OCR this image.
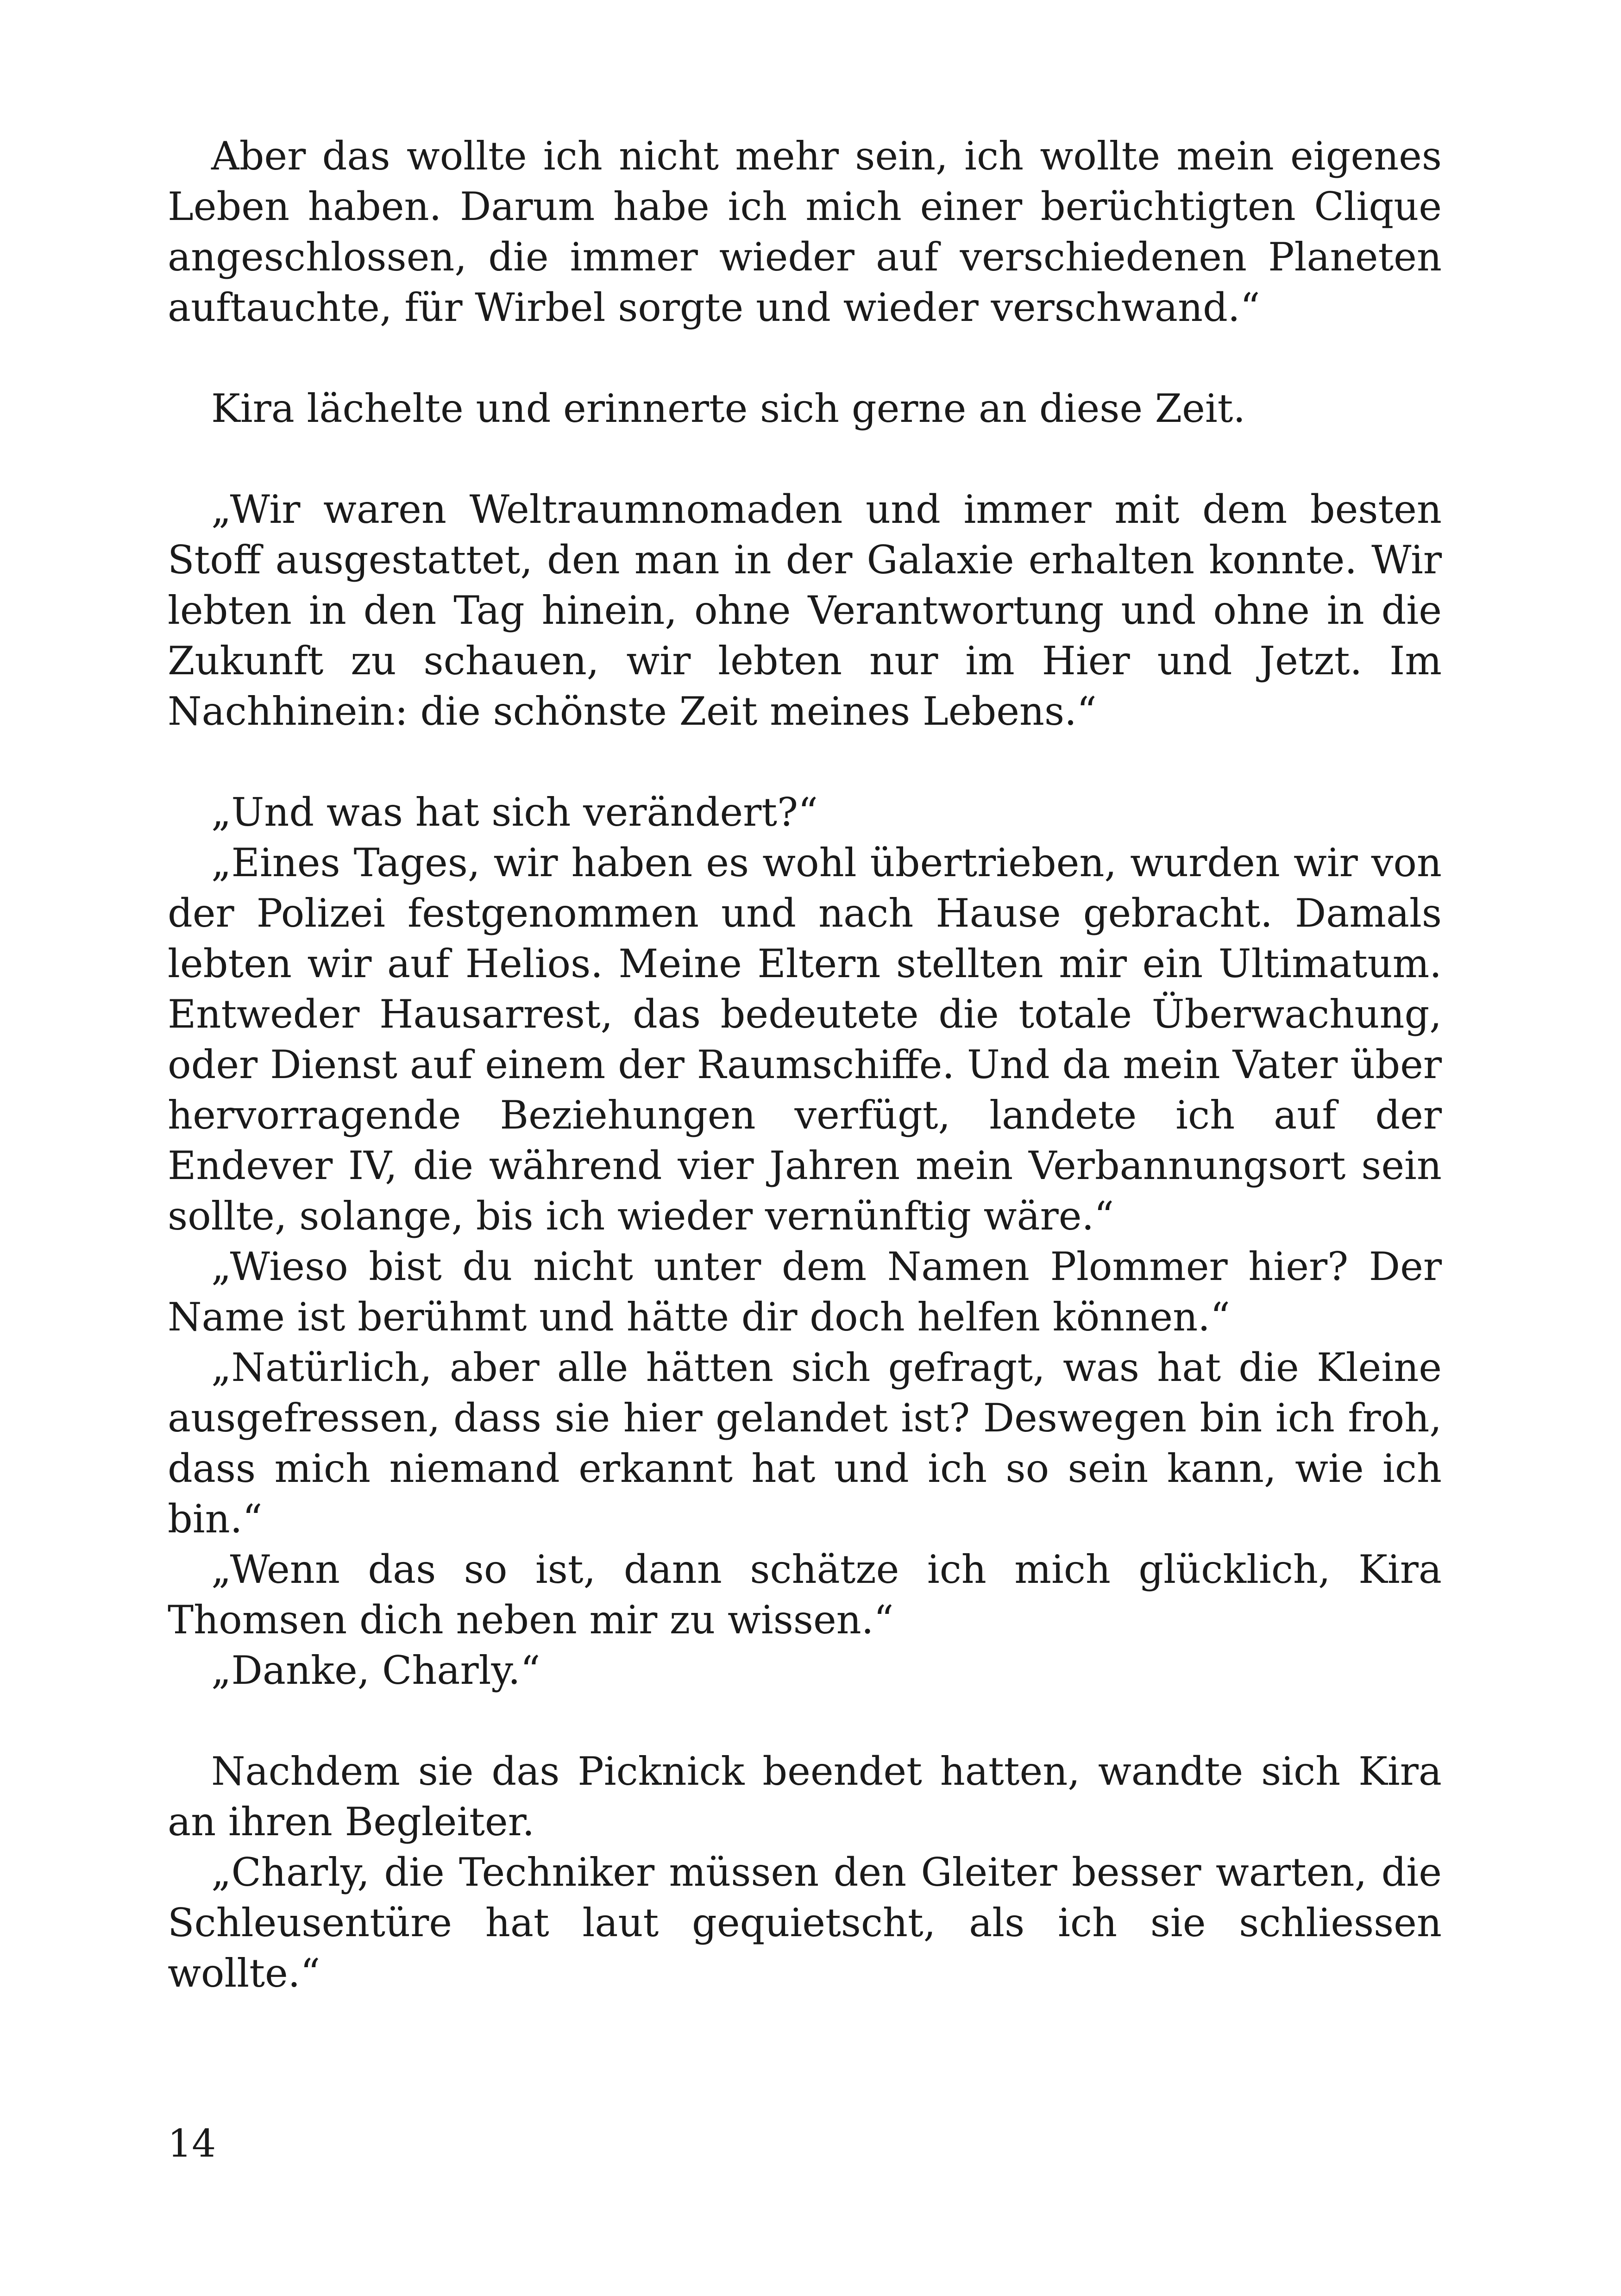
Aber das wollte ich nicht mehr sein, ich wollte mein eigenes Leben haben. Darum habe ich mich einer berüchtigten Clique angeschlossen, die immer wieder auf verschiedenen Planeten auftauchte, für Wirbel sorgte und wieder verschwand.“

Kira lächelte und erinnerte sich gerne an diese Zeit.

„Wir waren Weltraumnomaden und immer mit dem besten Stoff ausgestattet, den man in der Galaxie erhalten konnte. Wir lebten in den Tag hinein, ohne Verantwortung und ohne in die Zukunft zu schauen, wir lebten nur im Hier und Jetzt. Im Nachhinein: die schönste Zeit meines Lebens.“

„Und was hat sich verändert?“

„Eines Tages, wir haben es wohl übertrieben, wurden wir von der Polizei festgenommen und nach Hause gebracht. Damals lebten wir auf Helios. Meine Eltern stellten mir ein Ultimatum. Entweder Hausarrest, das bedeutete die totale Überwachung, oder Dienst auf einem der Raumschiffe. Und da mein Vater über hervorragende Beziehungen verfügt, landete ich auf der Endever IV, die während vier Jahren mein Verbannungsort sein sollte, solange, bis ich wieder vernünftig wäre.“

„Wieso bist du nicht unter dem Namen Plommer hier? Der Name ist berühmt und hätte dir doch helfen können.“

„Natürlich, aber alle hätten sich gefragt, was hat die Kleine ausgefressen, dass sie hier gelandet ist? Deswegen bin ich froh, dass mich niemand erkannt hat und ich so sein kann, wie ich bin.“

„Wenn das so ist, dann schätze ich mich glücklich, Kira Thomsen dich neben mir zu wissen.“

„Danke, Charly.“

Nachdem sie das Picknick beendet hatten, wandte sich Kira an ihren Begleiter.

„Charly, die Techniker müssen den Gleiter besser warten, die Schleusentüre hat laut gequietscht, als ich sie schliessen wollte.“

14
